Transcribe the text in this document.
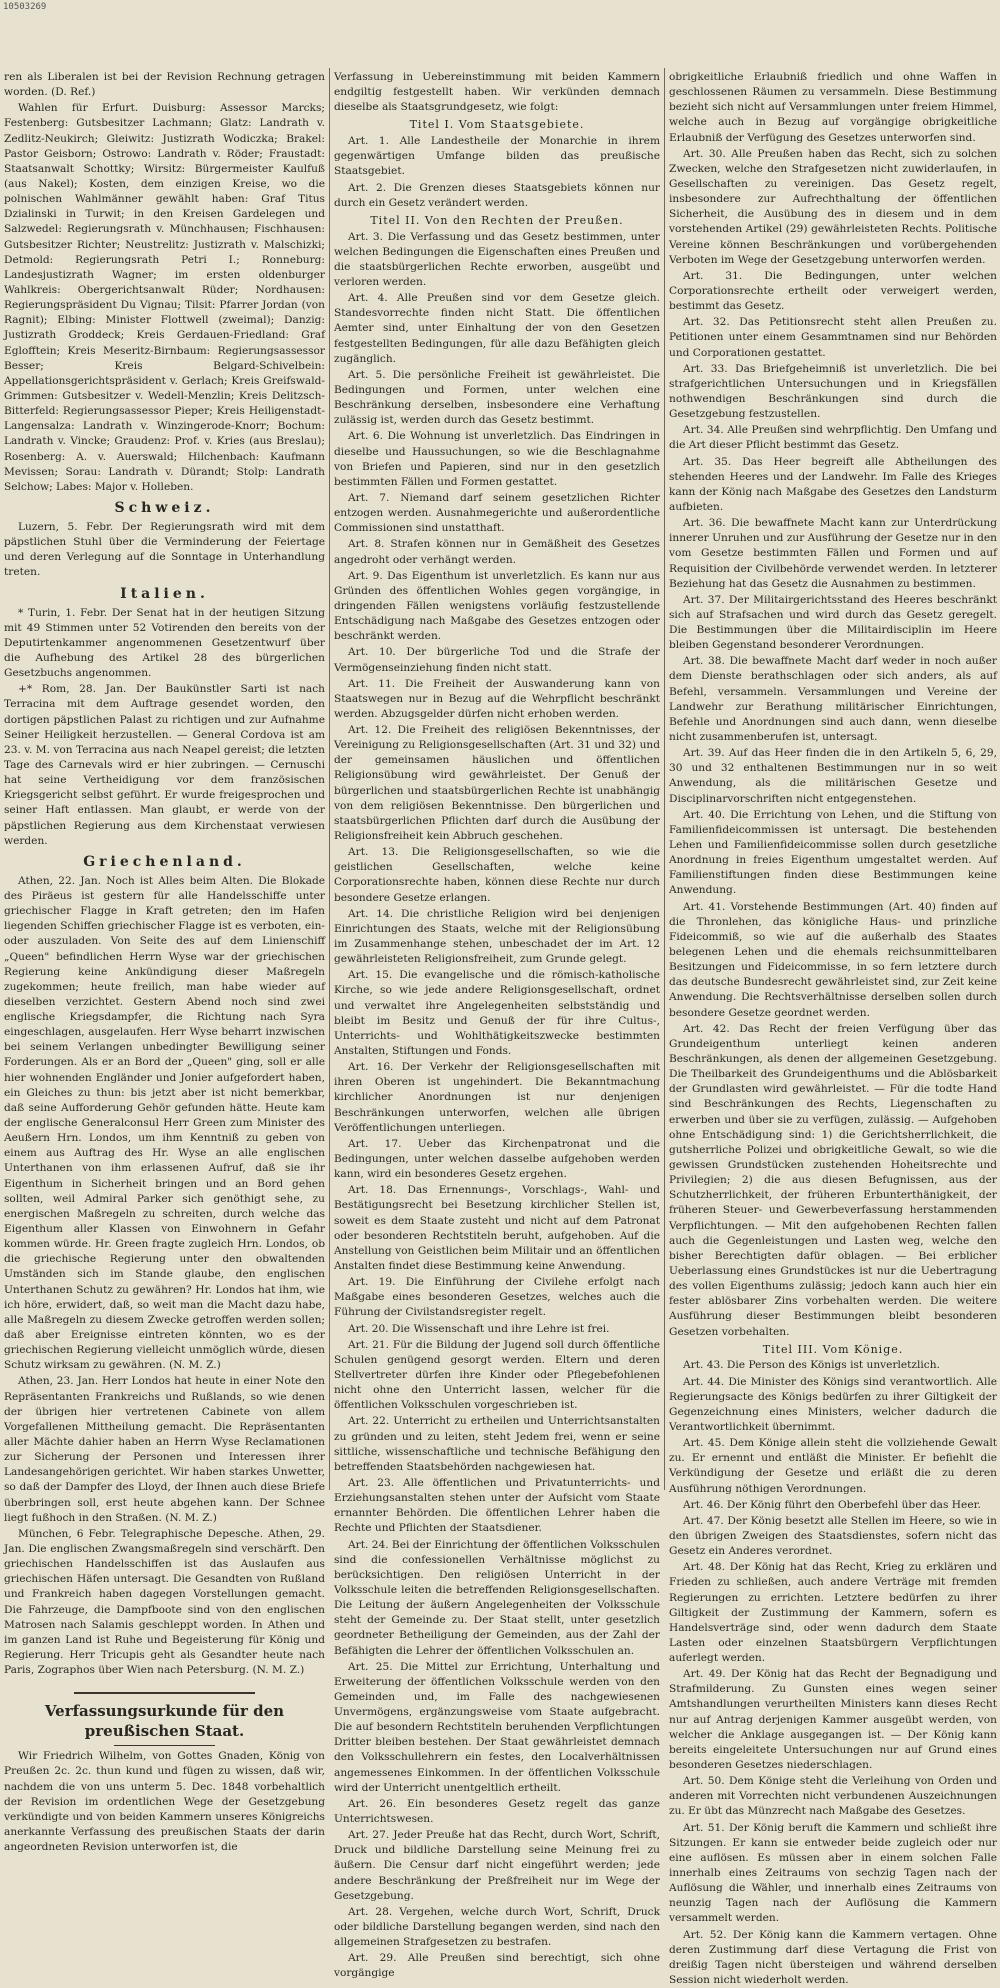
10503269

ren als Liberalen ist bei der Revision Rechnung getragen worden. (D. Ref.)

Wahlen für Erfurt. Duisburg: Assessor Marcks; Festenberg: Gutsbesitzer Lachmann; Glatz: Landrath v. Zedlitz-Neukirch; Gleiwitz: Justizrath Wodiczka; Brakel: Pastor Geisborn; Ostrowo: Landrath v. Röder; Fraustadt: Staatsanwalt Schottky; Wirsitz: Bürgermeister Kaulfuß (aus Nakel); Kosten, dem einzigen Kreise, wo die polnischen Wahlmänner gewählt haben: Graf Titus Dzialinski in Turwit; in den Kreisen Gardelegen und Salzwedel: Regierungsrath v. Münchhausen; Fischhausen: Gutsbesitzer Richter; Neustrelitz: Justizrath v. Malschizki; Detmold: Regierungsrath Petri I.; Ronneburg: Landesjustizrath Wagner; im ersten oldenburger Wahlkreis: Obergerichtsanwalt Rüder; Nordhausen: Regierungspräsident Du Vignau; Tilsit: Pfarrer Jordan (von Ragnit); Elbing: Minister Flottwell (zweimal); Danzig: Justizrath Groddeck; Kreis Gerdauen-Friedland: Graf Eglofftein; Kreis Meseritz-Birnbaum: Regierungsassessor Besser; Kreis Belgard-Schivelbein: Appellationsgerichtspräsident v. Gerlach; Kreis Greifswald-Grimmen: Gutsbesitzer v. Wedell-Menzlin; Kreis Delitzsch-Bitterfeld: Regierungsassessor Pieper; Kreis Heiligenstadt-Langensalza: Landrath v. Winzingerode-Knorr; Bochum: Landrath v. Vincke; Graudenz: Prof. v. Kries (aus Breslau); Rosenberg: A. v. Auerswald; Hilchenbach: Kaufmann Mevissen; Sorau: Landrath v. Dürandt; Stolp: Landrath Selchow; Labes: Major v. Holleben.

Schweiz.

Luzern, 5. Febr. Der Regierungsrath wird mit dem päpstlichen Stuhl über die Verminderung der Feiertage und deren Verlegung auf die Sonntage in Unterhandlung treten.

Italien.

* Turin, 1. Febr. Der Senat hat in der heutigen Sitzung mit 49 Stimmen unter 52 Votirenden den bereits von der Deputirtenkammer angenommenen Gesetzentwurf über die Aufhebung des Artikel 28 des bürgerlichen Gesetzbuchs angenommen.

+* Rom, 28. Jan. Der Baukünstler Sarti ist nach Terracina mit dem Auftrage gesendet worden, den dortigen päpstlichen Palast zu richtigen und zur Aufnahme Seiner Heiligkeit herzustellen. — General Cordova ist am 23. v. M. von Terracina aus nach Neapel gereist; die letzten Tage des Carnevals wird er hier zubringen. — Cernuschi hat seine Vertheidigung vor dem französischen Kriegsgericht selbst geführt. Er wurde freigesprochen und seiner Haft entlassen. Man glaubt, er werde von der päpstlichen Regierung aus dem Kirchenstaat verwiesen werden.

Griechenland.

Athen, 22. Jan. Noch ist Alles beim Alten. Die Blokade des Piräeus ist gestern für alle Handelsschiffe unter griechischer Flagge in Kraft getreten; den im Hafen liegenden Schiffen griechischer Flagge ist es verboten, ein- oder auszuladen. Von Seite des auf dem Linienschiff „Queen" befindlichen Herrn Wyse war der griechischen Regierung keine Ankündigung dieser Maßregeln zugekommen; heute freilich, man habe wieder auf dieselben verzichtet. Gestern Abend noch sind zwei englische Kriegsdampfer, die Richtung nach Syra eingeschlagen, ausgelaufen. Herr Wyse beharrt inzwischen bei seinem Verlangen unbedingter Bewilligung seiner Forderungen. Als er an Bord der „Queen" ging, soll er alle hier wohnenden Engländer und Jonier aufgefordert haben, ein Gleiches zu thun: bis jetzt aber ist nicht bemerkbar, daß seine Aufforderung Gehör gefunden hätte. Heute kam der englische Generalconsul Herr Green zum Minister des Aeußern Hrn. Londos, um ihm Kenntniß zu geben von einem aus Auftrag des Hr. Wyse an alle englischen Unterthanen von ihm erlassenen Aufruf, daß sie ihr Eigenthum in Sicherheit bringen und an Bord gehen sollten, weil Admiral Parker sich genöthigt sehe, zu energischen Maßregeln zu schreiten, durch welche das Eigenthum aller Klassen von Einwohnern in Gefahr kommen würde. Hr. Green fragte zugleich Hrn. Londos, ob die griechische Regierung unter den obwaltenden Umständen sich im Stande glaube, den englischen Unterthanen Schutz zu gewähren? Hr. Londos hat ihm, wie ich höre, erwidert, daß, so weit man die Macht dazu habe, alle Maßregeln zu diesem Zwecke getroffen werden sollen; daß aber Ereignisse eintreten könnten, wo es der griechischen Regierung vielleicht unmöglich würde, diesen Schutz wirksam zu gewähren. (N. M. Z.)

Athen, 23. Jan. Herr Londos hat heute in einer Note den Repräsentanten Frankreichs und Rußlands, so wie denen der übrigen hier vertretenen Cabinete von allem Vorgefallenen Mittheilung gemacht. Die Repräsentanten aller Mächte dahier haben an Herrn Wyse Reclamationen zur Sicherung der Personen und Interessen ihrer Landesangehörigen gerichtet. Wir haben starkes Unwetter, so daß der Dampfer des Lloyd, der Ihnen auch diese Briefe überbringen soll, erst heute abgehen kann. Der Schnee liegt fußhoch in den Straßen. (N. M. Z.)

München, 6 Febr. Telegraphische Depesche. Athen, 29. Jan. Die englischen Zwangsmaßregeln sind verschärft. Den griechischen Handelsschiffen ist das Auslaufen aus griechischen Häfen untersagt. Die Gesandten von Rußland und Frankreich haben dagegen Vorstellungen gemacht. Die Fahrzeuge, die Dampfboote sind von den englischen Matrosen nach Salamis geschleppt worden. In Athen und im ganzen Land ist Ruhe und Begeisterung für König und Regierung. Herr Tricupis geht als Gesandter heute nach Paris, Zographos über Wien nach Petersburg. (N. M. Z.)

Verfassungsurkunde für den preußischen Staat.

Wir Friedrich Wilhelm, von Gottes Gnaden, König von Preußen 2c. 2c. thun kund und fügen zu wissen, daß wir, nachdem die von uns unterm 5. Dec. 1848 vorbehaltlich der Revision im ordentlichen Wege der Gesetzgebung verkündigte und von beiden Kammern unseres Königreichs anerkannte Verfassung des preußischen Staats der darin angeordneten Revision unterworfen ist, die

Verfassung in Uebereinstimmung mit beiden Kammern endgiltig festgestellt haben. Wir verkünden demnach dieselbe als Staatsgrundgesetz, wie folgt:

Titel I. Vom Staatsgebiete.

Art. 1. Alle Landestheile der Monarchie in ihrem gegenwärtigen Umfange bilden das preußische Staatsgebiet.

Art. 2. Die Grenzen dieses Staatsgebiets können nur durch ein Gesetz verändert werden.

Titel II. Von den Rechten der Preußen.

Art. 3. Die Verfassung und das Gesetz bestimmen, unter welchen Bedingungen die Eigenschaften eines Preußen und die staatsbürgerlichen Rechte erworben, ausgeübt und verloren werden.

Art. 4. Alle Preußen sind vor dem Gesetze gleich. Standesvorrechte finden nicht Statt. Die öffentlichen Aemter sind, unter Einhaltung der von den Gesetzen festgestellten Bedingungen, für alle dazu Befähigten gleich zugänglich.

Art. 5. Die persönliche Freiheit ist gewährleistet. Die Bedingungen und Formen, unter welchen eine Beschränkung derselben, insbesondere eine Verhaftung zulässig ist, werden durch das Gesetz bestimmt.

Art. 6. Die Wohnung ist unverletzlich. Das Eindringen in dieselbe und Haussuchungen, so wie die Beschlagnahme von Briefen und Papieren, sind nur in den gesetzlich bestimmten Fällen und Formen gestattet.

Art. 7. Niemand darf seinem gesetzlichen Richter entzogen werden. Ausnahmegerichte und außerordentliche Commissionen sind unstatthaft.

Art. 8. Strafen können nur in Gemäßheit des Gesetzes angedroht oder verhängt werden.

Art. 9. Das Eigenthum ist unverletzlich. Es kann nur aus Gründen des öffentlichen Wohles gegen vorgängige, in dringenden Fällen wenigstens vorläufig festzustellende Entschädigung nach Maßgabe des Gesetzes entzogen oder beschränkt werden.

Art. 10. Der bürgerliche Tod und die Strafe der Vermögenseinziehung finden nicht statt.

Art. 11. Die Freiheit der Auswanderung kann von Staatswegen nur in Bezug auf die Wehrpflicht beschränkt werden. Abzugsgelder dürfen nicht erhoben werden.

Art. 12. Die Freiheit des religiösen Bekenntnisses, der Vereinigung zu Religionsgesellschaften (Art. 31 und 32) und der gemeinsamen häuslichen und öffentlichen Religionsübung wird gewährleistet. Der Genuß der bürgerlichen und staatsbürgerlichen Rechte ist unabhängig von dem religiösen Bekenntnisse. Den bürgerlichen und staatsbürgerlichen Pflichten darf durch die Ausübung der Religionsfreiheit kein Abbruch geschehen.

Art. 13. Die Religionsgesellschaften, so wie die geistlichen Gesellschaften, welche keine Corporationsrechte haben, können diese Rechte nur durch besondere Gesetze erlangen.

Art. 14. Die christliche Religion wird bei denjenigen Einrichtungen des Staats, welche mit der Religionsübung im Zusammenhange stehen, unbeschadet der im Art. 12 gewährleisteten Religionsfreiheit, zum Grunde gelegt.

Art. 15. Die evangelische und die römisch-katholische Kirche, so wie jede andere Religionsgesellschaft, ordnet und verwaltet ihre Angelegenheiten selbstständig und bleibt im Besitz und Genuß der für ihre Cultus-, Unterrichts- und Wohlthätigkeitszwecke bestimmten Anstalten, Stiftungen und Fonds.

Art. 16. Der Verkehr der Religionsgesellschaften mit ihren Oberen ist ungehindert. Die Bekanntmachung kirchlicher Anordnungen ist nur denjenigen Beschränkungen unterworfen, welchen alle übrigen Veröffentlichungen unterliegen.

Art. 17. Ueber das Kirchenpatronat und die Bedingungen, unter welchen dasselbe aufgehoben werden kann, wird ein besonderes Gesetz ergehen.

Art. 18. Das Ernennungs-, Vorschlags-, Wahl- und Bestätigungsrecht bei Besetzung kirchlicher Stellen ist, soweit es dem Staate zusteht und nicht auf dem Patronat oder besonderen Rechtstiteln beruht, aufgehoben. Auf die Anstellung von Geistlichen beim Militair und an öffentlichen Anstalten findet diese Bestimmung keine Anwendung.

Art. 19. Die Einführung der Civilehe erfolgt nach Maßgabe eines besonderen Gesetzes, welches auch die Führung der Civilstandsregister regelt.

Art. 20. Die Wissenschaft und ihre Lehre ist frei.

Art. 21. Für die Bildung der Jugend soll durch öffentliche Schulen genügend gesorgt werden. Eltern und deren Stellvertreter dürfen ihre Kinder oder Pflegebefohlenen nicht ohne den Unterricht lassen, welcher für die öffentlichen Volksschulen vorgeschrieben ist.

Art. 22. Unterricht zu ertheilen und Unterrichtsanstalten zu gründen und zu leiten, steht Jedem frei, wenn er seine sittliche, wissenschaftliche und technische Befähigung den betreffenden Staatsbehörden nachgewiesen hat.

Art. 23. Alle öffentlichen und Privatunterrichts- und Erziehungsanstalten stehen unter der Aufsicht vom Staate ernannter Behörden. Die öffentlichen Lehrer haben die Rechte und Pflichten der Staatsdiener.

Art. 24. Bei der Einrichtung der öffentlichen Volksschulen sind die confessionellen Verhältnisse möglichst zu berücksichtigen. Den religiösen Unterricht in der Volksschule leiten die betreffenden Religionsgesellschaften. Die Leitung der äußern Angelegenheiten der Volksschule steht der Gemeinde zu. Der Staat stellt, unter gesetzlich geordneter Betheiligung der Gemeinden, aus der Zahl der Befähigten die Lehrer der öffentlichen Volksschulen an.

Art. 25. Die Mittel zur Errichtung, Unterhaltung und Erweiterung der öffentlichen Volksschule werden von den Gemeinden und, im Falle des nachgewiesenen Unvermögens, ergänzungsweise vom Staate aufgebracht. Die auf besondern Rechtstiteln beruhenden Verpflichtungen Dritter bleiben bestehen. Der Staat gewährleistet demnach den Volksschullehrern ein festes, den Localverhältnissen angemessenes Einkommen. In der öffentlichen Volksschule wird der Unterricht unentgeltlich ertheilt.

Art. 26. Ein besonderes Gesetz regelt das ganze Unterrichtswesen.

Art. 27. Jeder Preuße hat das Recht, durch Wort, Schrift, Druck und bildliche Darstellung seine Meinung frei zu äußern. Die Censur darf nicht eingeführt werden; jede andere Beschränkung der Preßfreiheit nur im Wege der Gesetzgebung.

Art. 28. Vergehen, welche durch Wort, Schrift, Druck oder bildliche Darstellung begangen werden, sind nach den allgemeinen Strafgesetzen zu bestrafen.

Art. 29. Alle Preußen sind berechtigt, sich ohne vorgängige

obrigkeitliche Erlaubniß friedlich und ohne Waffen in geschlossenen Räumen zu versammeln. Diese Bestimmung bezieht sich nicht auf Versammlungen unter freiem Himmel, welche auch in Bezug auf vorgängige obrigkeitliche Erlaubniß der Verfügung des Gesetzes unterworfen sind.

Art. 30. Alle Preußen haben das Recht, sich zu solchen Zwecken, welche den Strafgesetzen nicht zuwiderlaufen, in Gesellschaften zu vereinigen. Das Gesetz regelt, insbesondere zur Aufrechthaltung der öffentlichen Sicherheit, die Ausübung des in diesem und in dem vorstehenden Artikel (29) gewährleisteten Rechts. Politische Vereine können Beschränkungen und vorübergehenden Verboten im Wege der Gesetzgebung unterworfen werden.

Art. 31. Die Bedingungen, unter welchen Corporationsrechte ertheilt oder verweigert werden, bestimmt das Gesetz.

Art. 32. Das Petitionsrecht steht allen Preußen zu. Petitionen unter einem Gesammtnamen sind nur Behörden und Corporationen gestattet.

Art. 33. Das Briefgeheimniß ist unverletzlich. Die bei strafgerichtlichen Untersuchungen und in Kriegsfällen nothwendigen Beschränkungen sind durch die Gesetzgebung festzustellen.

Art. 34. Alle Preußen sind wehrpflichtig. Den Umfang und die Art dieser Pflicht bestimmt das Gesetz.

Art. 35. Das Heer begreift alle Abtheilungen des stehenden Heeres und der Landwehr. Im Falle des Krieges kann der König nach Maßgabe des Gesetzes den Landsturm aufbieten.

Art. 36. Die bewaffnete Macht kann zur Unterdrückung innerer Unruhen und zur Ausführung der Gesetze nur in den vom Gesetze bestimmten Fällen und Formen und auf Requisition der Civilbehörde verwendet werden. In letzterer Beziehung hat das Gesetz die Ausnahmen zu bestimmen.

Art. 37. Der Militairgerichtsstand des Heeres beschränkt sich auf Strafsachen und wird durch das Gesetz geregelt. Die Bestimmungen über die Militairdisciplin im Heere bleiben Gegenstand besonderer Verordnungen.

Art. 38. Die bewaffnete Macht darf weder in noch außer dem Dienste berathschlagen oder sich anders, als auf Befehl, versammeln. Versammlungen und Vereine der Landwehr zur Berathung militärischer Einrichtungen, Befehle und Anordnungen sind auch dann, wenn dieselbe nicht zusammenberufen ist, untersagt.

Art. 39. Auf das Heer finden die in den Artikeln 5, 6, 29, 30 und 32 enthaltenen Bestimmungen nur in so weit Anwendung, als die militärischen Gesetze und Disciplinarvorschriften nicht entgegenstehen.

Art. 40. Die Errichtung von Lehen, und die Stiftung von Familienfideicommissen ist untersagt. Die bestehenden Lehen und Familienfideicommisse sollen durch gesetzliche Anordnung in freies Eigenthum umgestaltet werden. Auf Familienstiftungen finden diese Bestimmungen keine Anwendung.

Art. 41. Vorstehende Bestimmungen (Art. 40) finden auf die Thronlehen, das königliche Haus- und prinzliche Fideicommiß, so wie auf die außerhalb des Staates belegenen Lehen und die ehemals reichsunmittelbaren Besitzungen und Fideicommisse, in so fern letztere durch das deutsche Bundesrecht gewährleistet sind, zur Zeit keine Anwendung. Die Rechtsverhältnisse derselben sollen durch besondere Gesetze geordnet werden.

Art. 42. Das Recht der freien Verfügung über das Grundeigenthum unterliegt keinen anderen Beschränkungen, als denen der allgemeinen Gesetzgebung. Die Theilbarkeit des Grundeigenthums und die Ablösbarkeit der Grundlasten wird gewährleistet. — Für die todte Hand sind Beschränkungen des Rechts, Liegenschaften zu erwerben und über sie zu verfügen, zulässig. — Aufgehoben ohne Entschädigung sind: 1) die Gerichtsherrlichkeit, die gutsherrliche Polizei und obrigkeitliche Gewalt, so wie die gewissen Grundstücken zustehenden Hoheitsrechte und Privilegien; 2) die aus diesen Befugnissen, aus der Schutzherrlichkeit, der früheren Erbunterthänigkeit, der früheren Steuer- und Gewerbeverfassung herstammenden Verpflichtungen. — Mit den aufgehobenen Rechten fallen auch die Gegenleistungen und Lasten weg, welche den bisher Berechtigten dafür oblagen. — Bei erblicher Ueberlassung eines Grundstückes ist nur die Uebertragung des vollen Eigenthums zulässig; jedoch kann auch hier ein fester ablösbarer Zins vorbehalten werden. Die weitere Ausführung dieser Bestimmungen bleibt besonderen Gesetzen vorbehalten.

Titel III. Vom Könige.

Art. 43. Die Person des Königs ist unverletzlich.

Art. 44. Die Minister des Königs sind verantwortlich. Alle Regierungsacte des Königs bedürfen zu ihrer Giltigkeit der Gegenzeichnung eines Ministers, welcher dadurch die Verantwortlichkeit übernimmt.

Art. 45. Dem Könige allein steht die vollziehende Gewalt zu. Er ernennt und entläßt die Minister. Er befiehlt die Verkündigung der Gesetze und erläßt die zu deren Ausführung nöthigen Verordnungen.

Art. 46. Der König führt den Oberbefehl über das Heer.

Art. 47. Der König besetzt alle Stellen im Heere, so wie in den übrigen Zweigen des Staatsdienstes, sofern nicht das Gesetz ein Anderes verordnet.

Art. 48. Der König hat das Recht, Krieg zu erklären und Frieden zu schließen, auch andere Verträge mit fremden Regierungen zu errichten. Letztere bedürfen zu ihrer Giltigkeit der Zustimmung der Kammern, sofern es Handelsverträge sind, oder wenn dadurch dem Staate Lasten oder einzelnen Staatsbürgern Verpflichtungen auferlegt werden.

Art. 49. Der König hat das Recht der Begnadigung und Strafmilderung. Zu Gunsten eines wegen seiner Amtshandlungen verurtheilten Ministers kann dieses Recht nur auf Antrag derjenigen Kammer ausgeübt werden, von welcher die Anklage ausgegangen ist. — Der König kann bereits eingeleitete Untersuchungen nur auf Grund eines besonderen Gesetzes niederschlagen.

Art. 50. Dem Könige steht die Verleihung von Orden und anderen mit Vorrechten nicht verbundenen Auszeichnungen zu. Er übt das Münzrecht nach Maßgabe des Gesetzes.

Art. 51. Der König beruft die Kammern und schließt ihre Sitzungen. Er kann sie entweder beide zugleich oder nur eine auflösen. Es müssen aber in einem solchen Falle innerhalb eines Zeitraums von sechzig Tagen nach der Auflösung die Wähler, und innerhalb eines Zeitraums von neunzig Tagen nach der Auflösung die Kammern versammelt werden.

Art. 52. Der König kann die Kammern vertagen. Ohne deren Zustimmung darf diese Vertagung die Frist von dreißig Tagen nicht übersteigen und während derselben Session nicht wiederholt werden.
